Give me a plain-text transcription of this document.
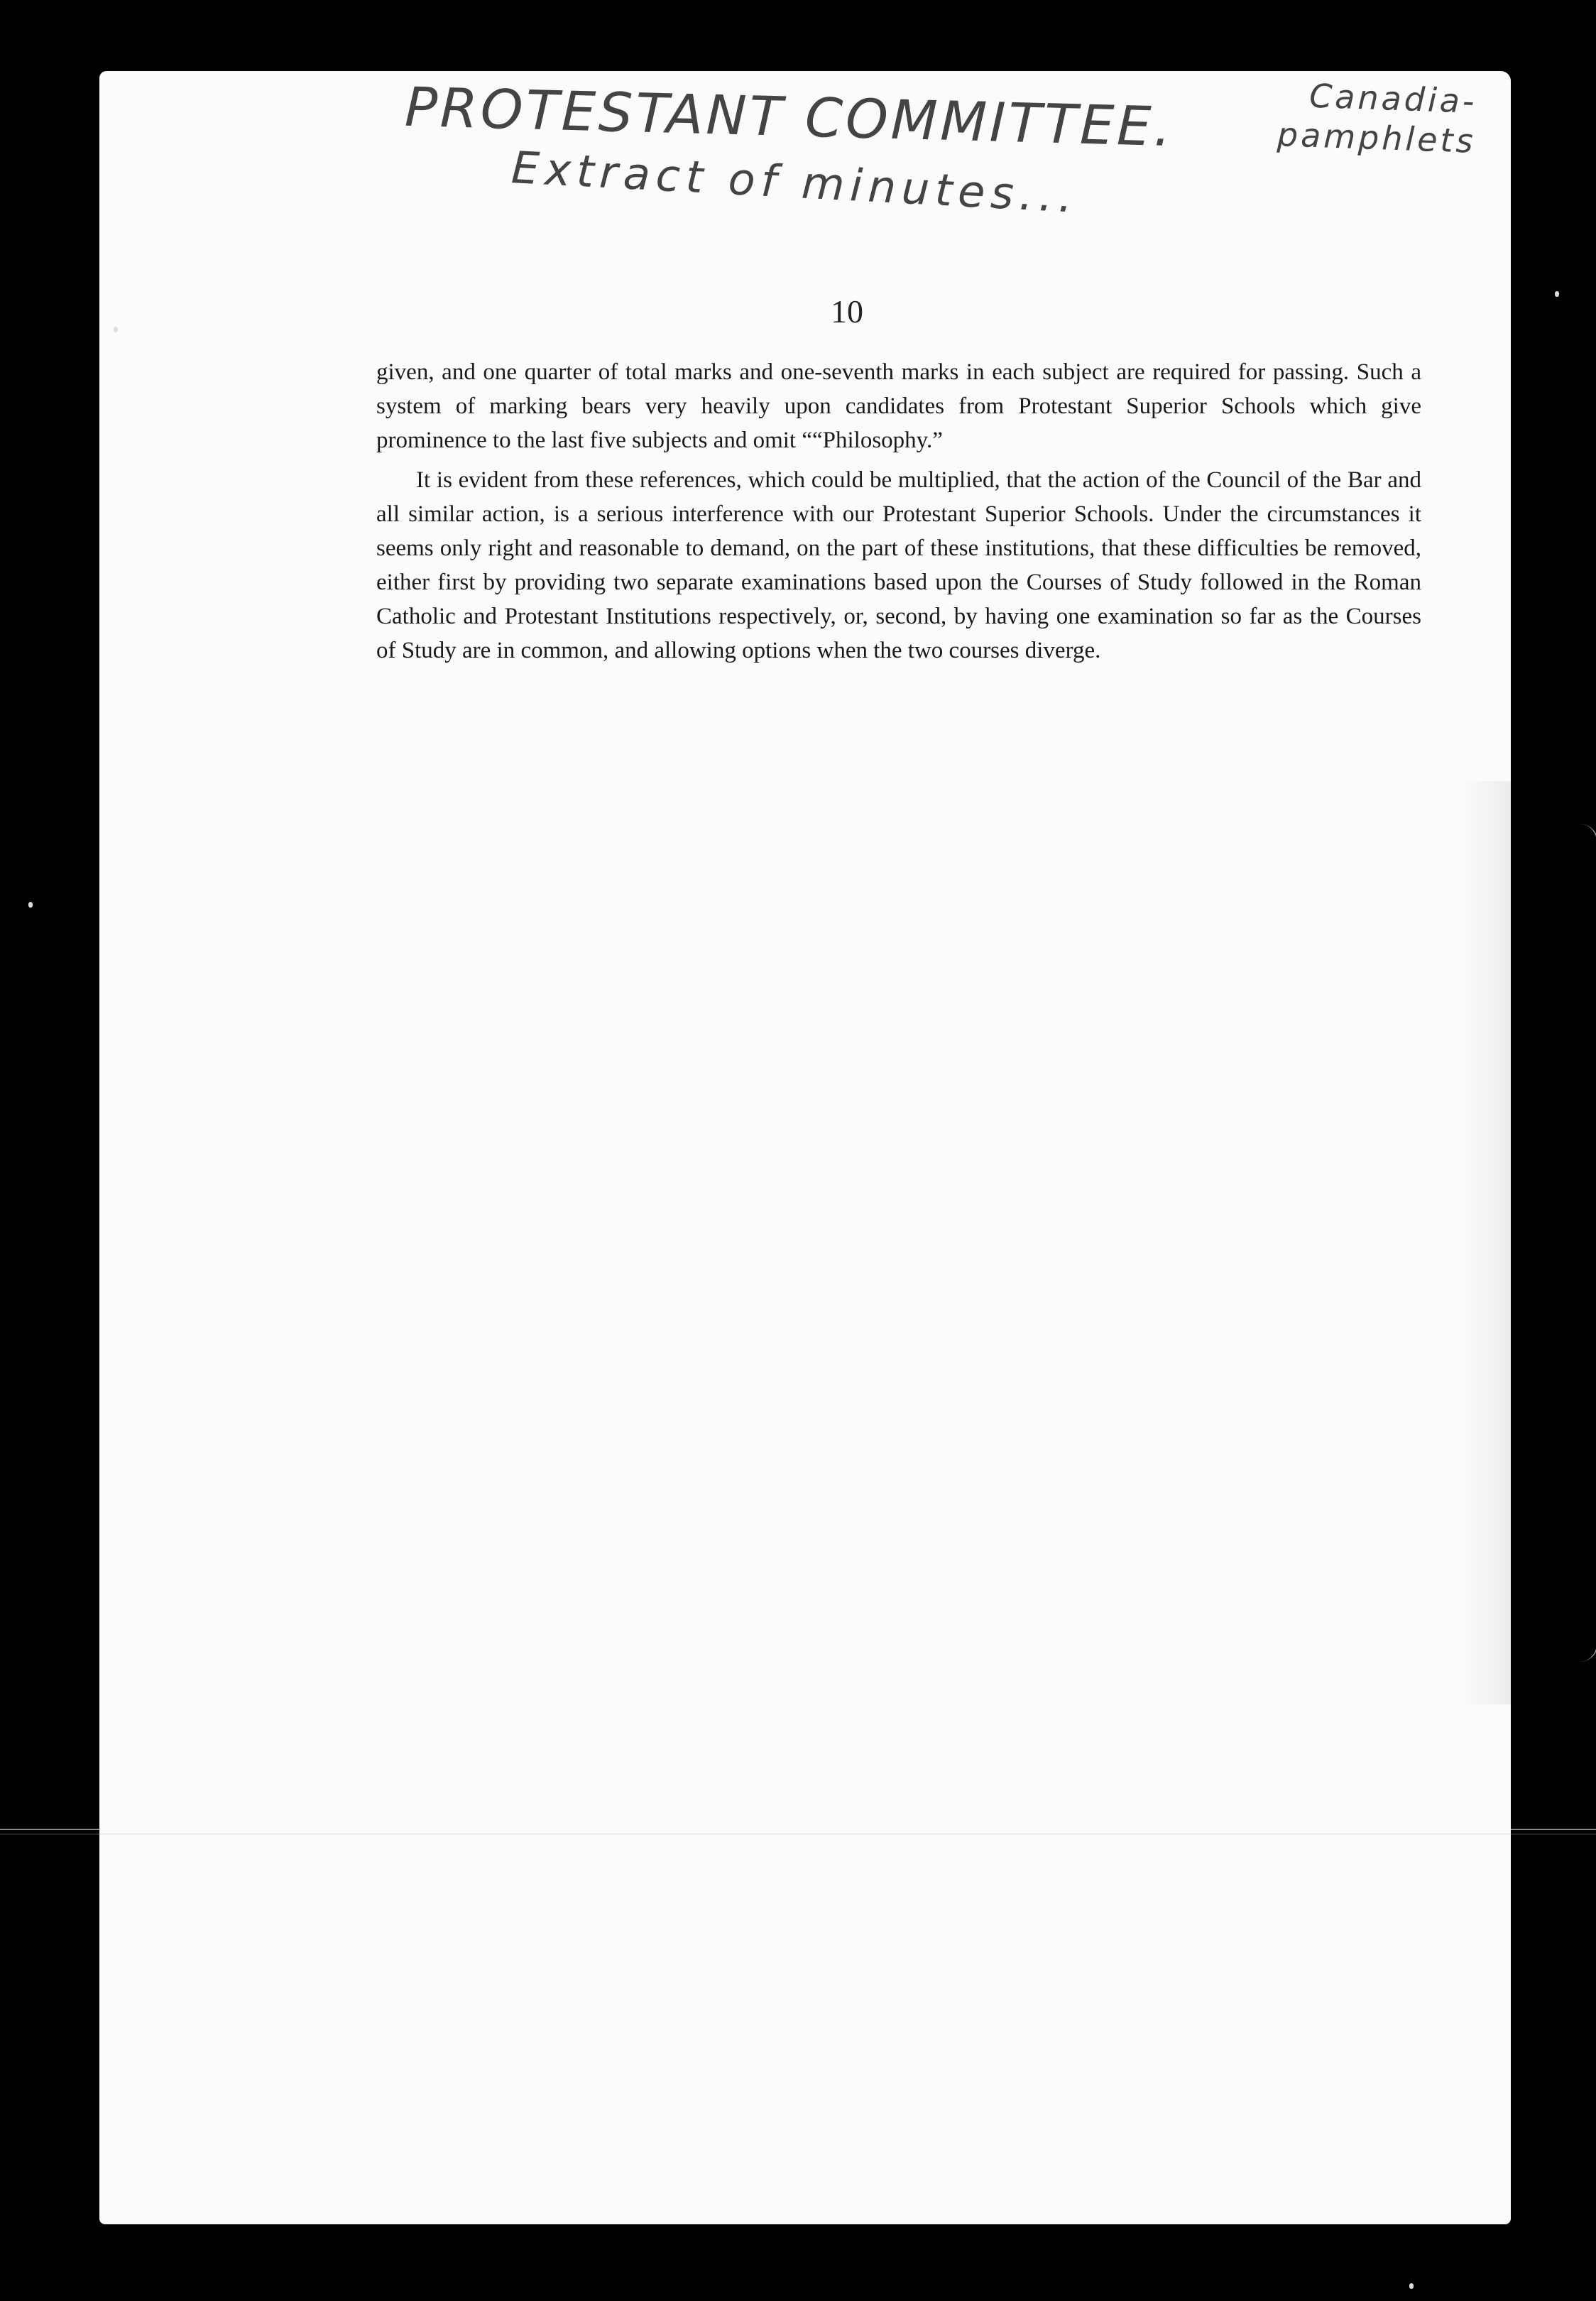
PROTESTANT COMMITTEE.
Extract of minutes...
Canadia-
pamphlets
10

given, and one quarter of total marks and one-seventh marks in each subject are required for passing. Such a system of marking bears very heavily upon candidates from Protestant Superior Schools which give prominence to the last five subjects and omit ““Philosophy.”

It is evident from these references, which could be multiplied, that the action of the Council of the Bar and all similar action, is a serious interference with our Protestant Superior Schools. Under the circumstances it seems only right and reasonable to demand, on the part of these institutions, that these difficulties be removed, either first by providing two separate examinations based upon the Courses of Study followed in the Roman Catholic and Protestant Institutions respectively, or, second, by having one examination so far as the Courses of Study are in common, and allowing options when the two courses diverge.
